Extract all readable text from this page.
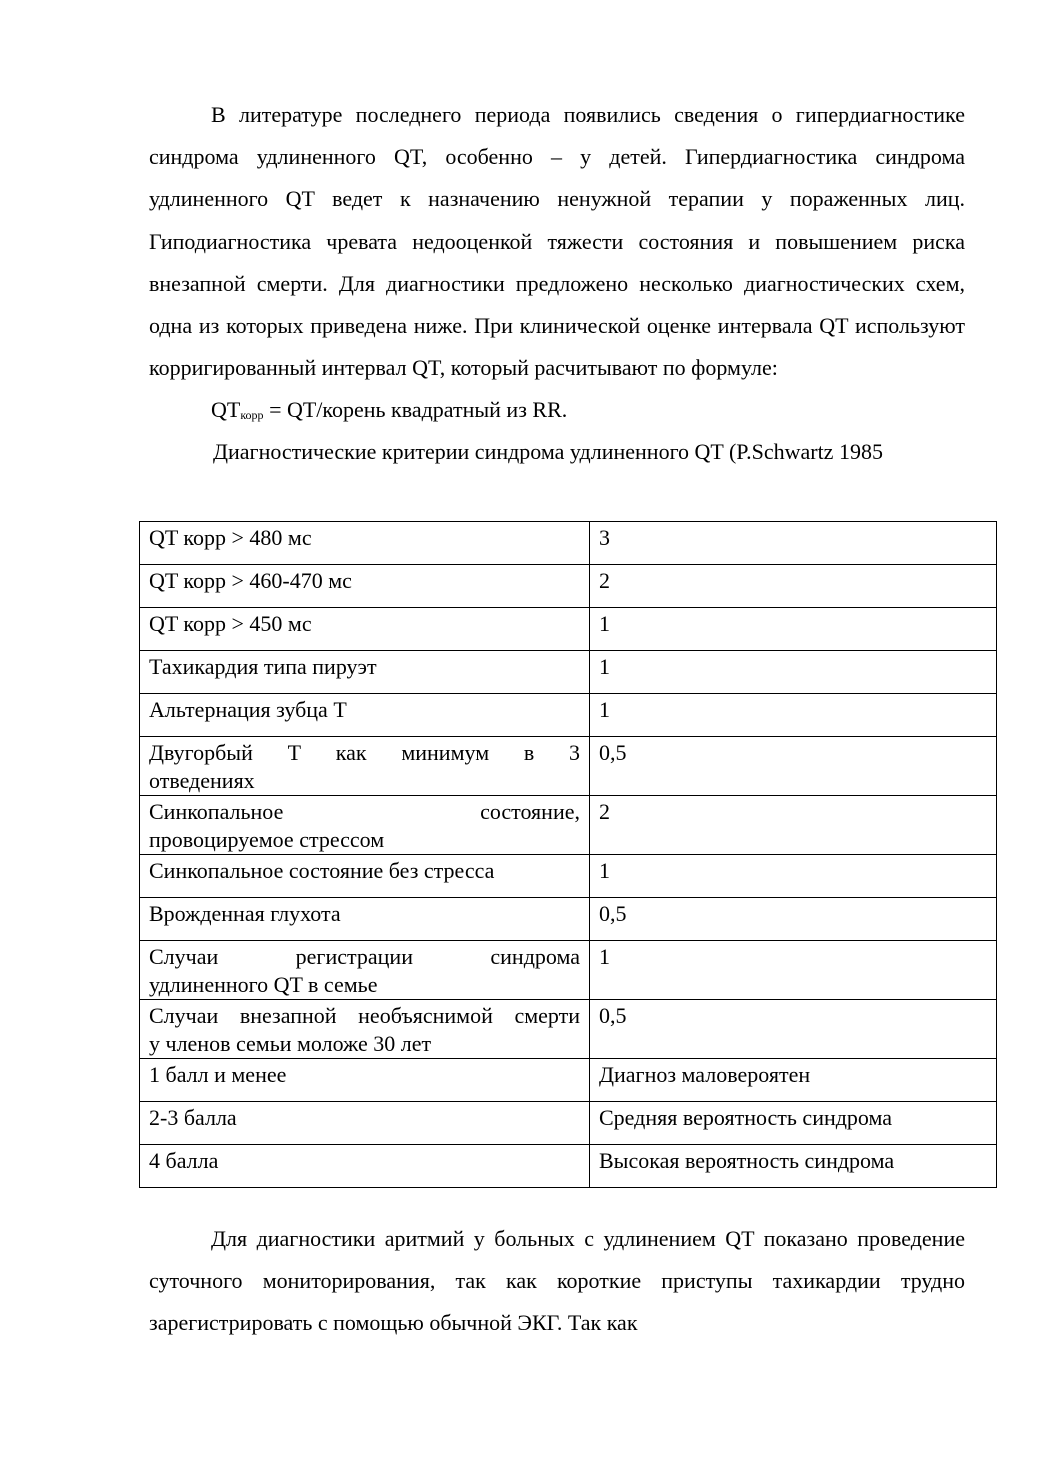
В литературе последнего периода появились сведения о гипердиагностике синдрома удлиненного QT, особенно – у детей. Гипердиагностика синдрома удлиненного QT ведет к назначению ненужной терапии у пораженных лиц. Гиподиагностика чревата недооценкой тяжести состояния и повышением риска внезапной смерти. Для диагностики предложено несколько диагностических схем, одна из которых приведена ниже. При клинической оценке интервала QT используют корригированный интервал QT, который расчитывают по формуле:

$QT_{корр}$ = QT/корень квадратный из RR.

Диагностические критерии синдрома удлиненного QT (P.Schwartz 1985

QT корр > 480 мс	3
QT корр > 460-470 мс	2
QT корр > 450 мс	1
Тахикардия типа пируэт	1
Альтернация зубца Т	1

Двугорбый Т как минимум в 3
отведениях	0,5

Синкопальное состояние,
провоцируемое стрессом	2
Синкопальное состояние без стресса	1
Врожденная глухота	0,5

Случаи регистрации синдрома
удлиненного QT в семье	1

Случаи внезапной необъяснимой смерти
у членов семьи моложе 30 лет	0,5
1 балл и менее	Диагноз маловероятен
2-3 балла	Средняя вероятность синдрома
4 балла	Высокая вероятность синдрома

Для диагностики аритмий у больных с удлинением QT показано проведение суточного мониторирования, так как короткие приступы тахикардии трудно зарегистрировать с помощью обычной ЭКГ. Так как
